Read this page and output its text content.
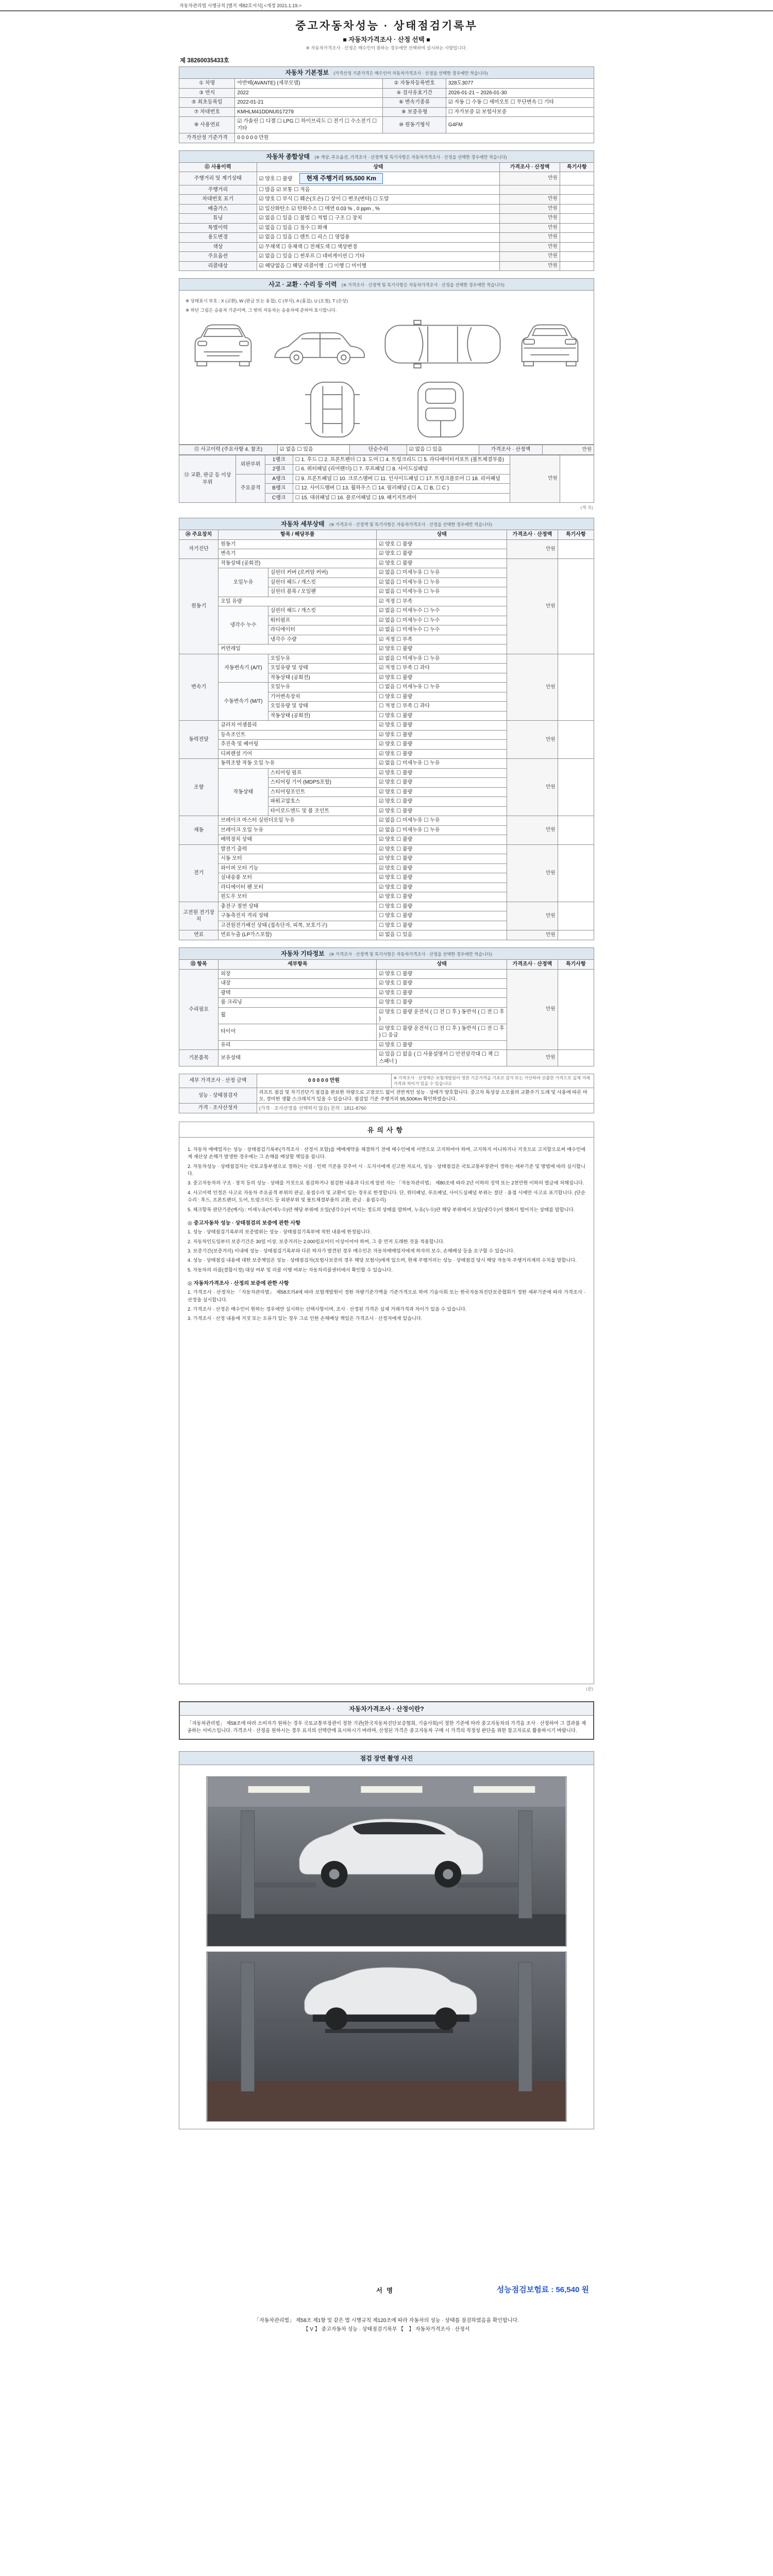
자동차관리법 시행규칙 [별지 제82호서식] <개정 2021.1.19.>
중고자동차성능 · 상태점검기록부
■ 자동차가격조사 · 산정 선택 ■
※ 자동차가격조사 · 산정은 매수인이 원하는 경우에만 선택하여 실시하는 사항입니다.
제 38260035433호
자동차 기본정보 (가격산정 기준가격은 매수인이 자동차가격조사 · 산정을 선택한 경우에만 적습니다)			
① 차명	아반떼(AVANTE) (세부모델)	② 자동차등록번호	328도3077
③ 연식	2022	④ 검사유효기간	2026-01-21 ~ 2026-01-30
⑤ 최초등록일	2022-01-21	⑥ 변속기종류	☑ 자동 ☐ 수동 ☐ 세미오토 ☐ 무단변속 ☐ 기타
⑦ 차대번호	KMHLM41DDNU017279	⑧ 보증유형	☐ 자가보증 ☑ 보험사보증
⑨ 사용연료	☑ 가솔린 ☐ 디젤 ☐ LPG ☐ 하이브리드 ☐ 전기 ☐ 수소전기 ☐ 기타	⑩ 원동기형식	G4FM
가격산정 기준가격	0 0 0 0 0 만원		
자동차 종합상태 (※ 색상, 주요옵션, 가격조사 · 산정액 및 특기사항은 자동차가격조사 · 산정을 선택한 경우에만 적습니다)			
⑪ 사용이력	상태	가격조사 · 산정액	특기사항
주행거리 및 계기상태	☑ 양호 ☐ 불량 현재 주행거리 95,500 Km	만원	
주행거리	☐ 많음 ☑ 보통 ☐ 적음		
차대번호 표기	☑ 양호 ☐ 부식 ☐ 훼손(오손) ☐ 상이 ☐ 변조(변타) ☐ 도말	만원	
배출가스	☑ 일산화탄소 ☑ 탄화수소 ☐ 매연 0.03 % , 0 ppm , %	만원	
튜닝	☑ 없음 ☐ 있음 ☐ 불법 ☐ 적법 ☐ 구조 ☐ 장치	만원	
특별이력	☑ 없음 ☐ 있음 ☐ 침수 ☐ 화재	만원	
용도변경	☑ 없음 ☐ 있음 ☐ 렌트 ☐ 리스 ☐ 영업용	만원	
색상	☑ 무채색 ☐ 유채색 ☐ 전체도색 ☐ 색상변경	만원	
주요옵션	☑ 없음 ☐ 있음 ☐ 썬루프 ☐ 네비게이션 ☐ 기타	만원	
리콜대상	☑ 해당없음 ☐ 해당 리콜이행 : ☐ 이행 ☐ 미이행	만원	
사고 · 교환 · 수리 등 이력 (※ 가격조사 · 산정액 및 특기사항은 자동차가격조사 · 산정을 선택한 경우에만 적습니다)
※ 상태표시 부호 : X (교환), W (판금 또는 용접), C (부식), A (흠집), U (요철), T (손상)
※ 하단 그림은 승용차 기준이며, 그 밖의 자동차는 승용차에 준하여 표시합니다.
⑫ 사고이력 (주요사항 4. 참조)	☑ 없음 ☐ 있음	단순수리	☑ 없음 ☐ 있음	가격조사 · 산정액	만원
⑬ 교환, 판금 등 이상 부위	외판부위	1랭크	☐ 1. 후드 ☐ 2. 프론트펜더 ☐ 3. 도어 ☐ 4. 트렁크리드 ☐ 5. 라디에이터서포트 (볼트체결부품)	만원	
		2랭크	☐ 6. 쿼터패널 (리어펜더) ☐ 7. 루프패널 ☐ 8. 사이드실패널		
	주요골격	A랭크	☐ 9. 프론트패널 ☐ 10. 크로스멤버 ☐ 11. 인사이드패널 ☐ 17. 트렁크플로어 ☐ 18. 리어패널		
		B랭크	☐ 12. 사이드멤버 ☐ 13. 휠하우스 ☐ 14. 필러패널 ( ☐ A, ☐ B, ☐ C )		
		C랭크	☐ 15. 대쉬패널 ☐ 16. 플로어패널 ☐ 19. 패키지트레이		
(계 속)
자동차 세부상태 (※ 가격조사 · 산정액 및 특기사항은 자동차가격조사 · 산정을 선택한 경우에만 적습니다)					
⑭ 주요장치	항목 / 해당부품		상태	가격조사 · 산정액	특기사항
자기진단	원동기		☑ 양호 ☐ 불량	만원	
	변속기		☑ 양호 ☐ 불량		
원동기	작동상태 (공회전)		☑ 양호 ☐ 불량	만원	
	오일누유	실린더 커버 (로커암 커버)	☑ 없음 ☐ 미세누유 ☐ 누유		
		실린더 헤드 / 개스킷	☑ 없음 ☐ 미세누유 ☐ 누유		
		실린더 블록 / 오일팬	☑ 없음 ☐ 미세누유 ☐ 누유		
	오일 유량		☑ 적정 ☐ 부족		
	냉각수 누수	실린더 헤드 / 개스킷	☑ 없음 ☐ 미세누수 ☐ 누수		
		워터펌프	☑ 없음 ☐ 미세누수 ☐ 누수		
		라디에이터	☑ 없음 ☐ 미세누수 ☐ 누수		
		냉각수 수량	☑ 적정 ☐ 부족		
	커먼레일		☑ 양호 ☐ 불량		
변속기	자동변속기 (A/T)	오일누유	☑ 없음 ☐ 미세누유 ☐ 누유	만원	
		오일유량 및 상태	☑ 적정 ☐ 부족 ☐ 과다		
		작동상태 (공회전)	☑ 양호 ☐ 불량		
	수동변속기 (M/T)	오일누유	☐ 없음 ☐ 미세누유 ☐ 누유		
		기어변속장치	☐ 양호 ☐ 불량		
		오일유량 및 상태	☐ 적정 ☐ 부족 ☐ 과다		
		작동상태 (공회전)	☐ 양호 ☐ 불량		
동력전달	클러치 어셈블리		☑ 양호 ☐ 불량	만원	
	등속조인트		☑ 양호 ☐ 불량		
	추진축 및 베어링		☑ 양호 ☐ 불량		
	디퍼렌셜 기어		☑ 양호 ☐ 불량		
조향	동력조향 작동 오일 누유		☑ 없음 ☐ 미세누유 ☐ 누유	만원	
	작동상태	스티어링 펌프	☑ 양호 ☐ 불량		
		스티어링 기어 (MDPS포함)	☑ 양호 ☐ 불량		
		스티어링조인트	☑ 양호 ☐ 불량		
		파워고압호스	☑ 양호 ☐ 불량		
		타이로드엔드 및 볼 조인트	☑ 양호 ☐ 불량		
제동	브레이크 마스터 실린더오일 누유		☑ 없음 ☐ 미세누유 ☐ 누유	만원	
	브레이크 오일 누유		☑ 없음 ☐ 미세누유 ☐ 누유		
	배력장치 상태		☑ 양호 ☐ 불량		
전기	발전기 출력		☑ 양호 ☐ 불량	만원	
	시동 모터		☑ 양호 ☐ 불량		
	와이퍼 모터 기능		☑ 양호 ☐ 불량		
	실내송풍 모터		☑ 양호 ☐ 불량		
	라디에이터 팬 모터		☑ 양호 ☐ 불량		
	윈도우 모터		☑ 양호 ☐ 불량		
고전원 전기장치	충전구 절연 상태		☐ 양호 ☐ 불량	만원	
	구동축전지 격리 상태		☐ 양호 ☐ 불량		
	고전원전기배선 상태 (접속단자, 피복, 보호기구)		☐ 양호 ☐ 불량		
연료	연료누출 (LP가스포함)		☑ 없음 ☐ 있음	만원	
자동차 기타정보 (※ 가격조사 · 산정액 및 특기사항은 자동차가격조사 · 산정을 선택한 경우에만 적습니다)				
⑮ 항목	세부항목	상태	가격조사 · 산정액	특기사항
수리필요	외장	☑ 양호 ☐ 불량	만원	
	내장	☑ 양호 ☐ 불량		
	광택	☑ 양호 ☐ 불량		
	룸 크리닝	☑ 양호 ☐ 불량		
	휠	☑ 양호 ☐ 불량 운전석 ( ☐ 전 ☐ 후 ) 동반석 ( ☐ 전 ☐ 후 )		
	타이어	☑ 양호 ☐ 불량 운전석 ( ☐ 전 ☐ 후 ) 동반석 ( ☐ 전 ☐ 후 ) ☐ 응급		
	유리	☑ 양호 ☐ 불량		
기본품목	보유상태	☑ 있음 ☐ 없음 ( ☐ 사용설명서 ☐ 안전삼각대 ☐ 잭 ☐ 스패너 )	만원	
세부 가격조사 · 산정 금액	0 0 0 0 0 만원	※ 가격조사 · 산정액은 보험개발원이 정한 기준가격을 기초로 감가 또는 가산하여 산출한 가격으로 실제 거래가격과 차이가 있을 수 있습니다.
성능 · 상태점검자	리프트 점검 및 자기진단기 점검을 완료한 차량으로 고장코드 없이 전반적인 성능 · 상태가 양호합니다. 중고차 특성상 소모품의 교환주기 도래 및 사용에 따른 마모, 경미한 생활 스크래치가 있을 수 있습니다. 점검일 기준 주행거리 95,500Km 확인하였습니다.	
가격 · 조사산정자	(가격 · 조사산정을 선택하지 않음) 문의 : 1811-8760	
유의사항

1. 자동차 매매업자는 성능 · 상태점검기록부(가격조사 · 산정서 포함)를 매매계약을 체결하기 전에 매수인에게 서면으로 고지하여야 하며, 고지하지 아니하거나 거짓으로 고지함으로써 매수인에게 재산상 손해가 발생한 경우에는 그 손해를 배상할 책임을 집니다.

2. 자동차성능 · 상태점검자는 국토교통부령으로 정하는 시설 · 인력 기준을 갖추어 시 · 도지사에게 신고한 자로서, 성능 · 상태점검은 국토교통부장관이 정하는 세부기준 및 방법에 따라 실시합니다.

3. 중고자동차의 구조 · 장치 등의 성능 · 상태를 거짓으로 점검하거나 점검한 내용과 다르게 알린 자는 「자동차관리법」 제80조에 따라 2년 이하의 징역 또는 2천만원 이하의 벌금에 처해집니다.

4. 사고이력 인정은 사고로 자동차 주요골격 부위의 판금, 용접수리 및 교환이 있는 경우로 한정합니다. 단, 쿼터패널, 루프패널, 사이드실패널 부위는 절단 · 용접 시에만 사고로 표기합니다. (단순수리 : 후드, 프론트펜더, 도어, 트렁크리드 등 외판부위 및 볼트체결부품의 교환, 판금 · 용접수리)

5. 체크항목 판단기준(예시) : 미세누유(미세누수)란 해당 부위에 오일(냉각수)이 비치는 정도의 상태를 말하며, 누유(누수)란 해당 부위에서 오일(냉각수)이 맺혀서 떨어지는 상태를 말합니다.

◎ 중고자동차 성능 · 상태점검의 보증에 관한 사항

1. 성능 · 상태점검기록부의 보증범위는 성능 · 상태점검기록부에 적힌 내용에 한정됩니다.

2. 자동차인도일부터 보증기간은 30일 이상, 보증거리는 2,000킬로미터 이상이어야 하며, 그 중 먼저 도래한 것을 적용합니다.

3. 보증기간(보증거리) 이내에 성능 · 상태점검기록부와 다른 하자가 발견된 경우 매수인은 자동차매매업자에게 하자의 보수, 손해배상 등을 요구할 수 있습니다.

4. 성능 · 상태점검 내용에 대한 보증책임은 성능 · 상태점검자(보험사보증의 경우 해당 보험사)에게 있으며, 현재 주행거리는 성능 · 상태점검 당시 해당 자동차 주행거리계의 수치를 말합니다.

5. 자동차의 리콜(결함시정) 대상 여부 및 리콜 이행 여부는 자동차리콜센터에서 확인할 수 있습니다.

◎ 자동차가격조사 · 산정의 보증에 관한 사항

1. 가격조사 · 산정자는 「자동차관리법」 제58조의4에 따라 보험개발원이 정한 차량기준가액을 기준가격으로 하여 기술사회 또는 한국자동차진단보증협회가 정한 세부기준에 따라 가격조사 · 산정을 실시합니다.

2. 가격조사 · 산정은 매수인이 원하는 경우에만 실시하는 선택사항이며, 조사 · 산정된 가격은 실제 거래가격과 차이가 있을 수 있습니다.

3. 가격조사 · 산정 내용에 거짓 또는 오류가 있는 경우 그로 인한 손해배상 책임은 가격조사 · 산정자에게 있습니다.

(끝)
자동차가격조사 · 산정이란?
「자동차관리법」 제58조에 따라 소비자가 원하는 경우 국토교통부장관이 정한 기관(한국자동차진단보증협회, 기술사회)이 정한 기준에 따라 중고자동차의 가격을 조사 · 산정하여 그 결과를 제공하는 서비스입니다. 가격조사 · 산정을 원하시는 경우 표지의 선택란에 표시하시기 바라며, 산정된 가격은 중고자동차 구매 시 가격의 적정성 판단을 위한 참고자료로 활용하시기 바랍니다.
점검 장면 촬영 사진
서명	성능점검보험료 : 56,540 원
「자동차관리법」 제58조 제1항 및 같은 법 시행규칙 제120조에 따라 자동차의 성능 · 상태를 점검하였음을 확인합니다.
【 V 】 중고자동차 성능 · 상태점검기록부 【　】 자동차가격조사 · 산정서
